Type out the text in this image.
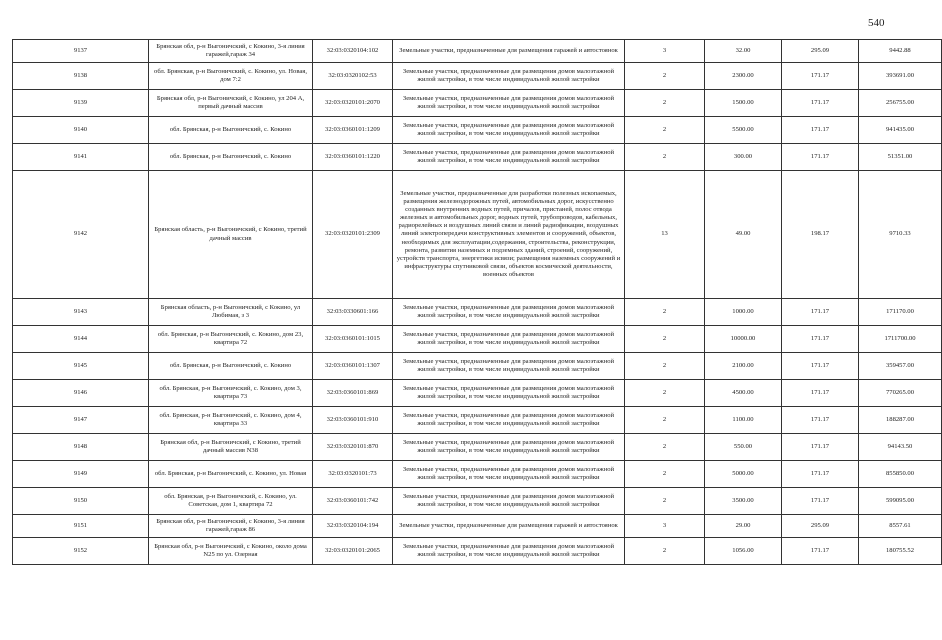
540
9137	Брянская обл, р-н Выгоничский, с Кокино, 3-я линия гаражей,гараж 34	32:03:0320104:102	Земельные участки, предназначенные для размещения гаражей и автостоянок	3	32.00	295.09	9442.88
9138	обл. Брянская, р-н Выгоничский, с. Кокино, ул. Новая, дом 7:2	32:03:0320102:53	Земельные участки, предназначенные для размещения домов малоэтажной жилой застройки, в том числе индивидуальной жилой застройки	2	2300.00	171.17	393691.00
9139	Брянская обл, р-н Выгоничский, с Кокино, ул 204 А, первый дачный массив	32:03:0320101:2070	Земельные участки, предназначенные для размещения домов малоэтажной жилой застройки, в том числе индивидуальной жилой застройки	2	1500.00	171.17	256755.00
9140	обл. Брянская, р-н Выгоничский, с. Кокино	32:03:0360101:1209	Земельные участки, предназначенные для размещения домов малоэтажной жилой застройки, в том числе индивидуальной жилой застройки	2	5500.00	171.17	941435.00
9141	обл. Брянская, р-н Выгоничский, с. Кокино	32:03:0360101:1220	Земельные участки, предназначенные для размещения домов малоэтажной жилой застройки, в том числе индивидуальной жилой застройки	2	300.00	171.17	51351.00
9142	Брянская область, р-н Выгоничский, с Кокино, третий дачный массив	32:03:0320101:2309	Земельные участки, предназначенные для разработки полезных ископаемых, размещения железнодорожных путей, автомобильных дорог, искусственно созданных внутренних водных путей, причалов, пристаней, полос отвода железных и автомобильных дорог, водных путей, трубопроводов, кабельных, радиорелейных и воздушных линий связи и линий радиофикации, воздушных линий электропередачи конструктивных элементов и сооружений, объектов, необходимых для эксплуатации,содержания, строительства, реконструкции, ремонта, развития наземных и подземных зданий, строений, сооружений, устройств транспорта, энергетики исвязи; размещения наземных сооружений и инфраструктуры спутниковой связи, объектов космической деятельности, военных объектов	13	49.00	198.17	9710.33
9143	Брянская область, р-н Выгоничский, с Кокино, ул Любимая, з 3	32:03:0330601:166	Земельные участки, предназначенные для размещения домов малоэтажной жилой застройки, в том числе индивидуальной жилой застройки	2	1000.00	171.17	171170.00
9144	обл. Брянская, р-н Выгоничский, с. Кокино, дом 23, квартира 72	32:03:0360101:1015	Земельные участки, предназначенные для размещения домов малоэтажной жилой застройки, в том числе индивидуальной жилой застройки	2	10000.00	171.17	1711700.00
9145	обл. Брянская, р-н Выгоничский, с. Кокино	32:03:0360101:1307	Земельные участки, предназначенные для размещения домов малоэтажной жилой застройки, в том числе индивидуальной жилой застройки	2	2100.00	171.17	359457.00
9146	обл. Брянская, р-н Выгоничский, с. Кокино, дом 3, квартира 73	32:03:0360101:869	Земельные участки, предназначенные для размещения домов малоэтажной жилой застройки, в том числе индивидуальной жилой застройки	2	4500.00	171.17	770265.00
9147	обл. Брянская, р-н Выгоничский, с. Кокино, дом 4, квартира 33	32:03:0360101:910	Земельные участки, предназначенные для размещения домов малоэтажной жилой застройки, в том числе индивидуальной жилой застройки	2	1100.00	171.17	188287.00
9148	Брянская обл, р-н Выгоничский, с Кокино, третий дачный массив N38	32:03:0320101:870	Земельные участки, предназначенные для размещения домов малоэтажной жилой застройки, в том числе индивидуальной жилой застройки	2	550.00	171.17	94143.50
9149	обл. Брянская, р-н Выгоничский, с. Кокино, ул. Новая	32:03:0320101:73	Земельные участки, предназначенные для размещения домов малоэтажной жилой застройки, в том числе индивидуальной жилой застройки	2	5000.00	171.17	855850.00
9150	обл. Брянская, р-н Выгоничский, с. Кокино, ул. Советская, дом 1, квартира 72	32:03:0360101:742	Земельные участки, предназначенные для размещения домов малоэтажной жилой застройки, в том числе индивидуальной жилой застройки	2	3500.00	171.17	599095.00
9151	Брянская обл, р-н Выгоничский, с Кокино, 3-я линия гаражей,гараж 86	32:03:0320104:194	Земельные участки, предназначенные для размещения гаражей и автостоянок	3	29.00	295.09	8557.61
9152	Брянская обл, р-н Выгоничский, с Кокино, около дома N25 по ул. Озерная	32:03:0320101:2065	Земельные участки, предназначенные для размещения домов малоэтажной жилой застройки, в том числе индивидуальной жилой застройки	2	1056.00	171.17	180755.52
